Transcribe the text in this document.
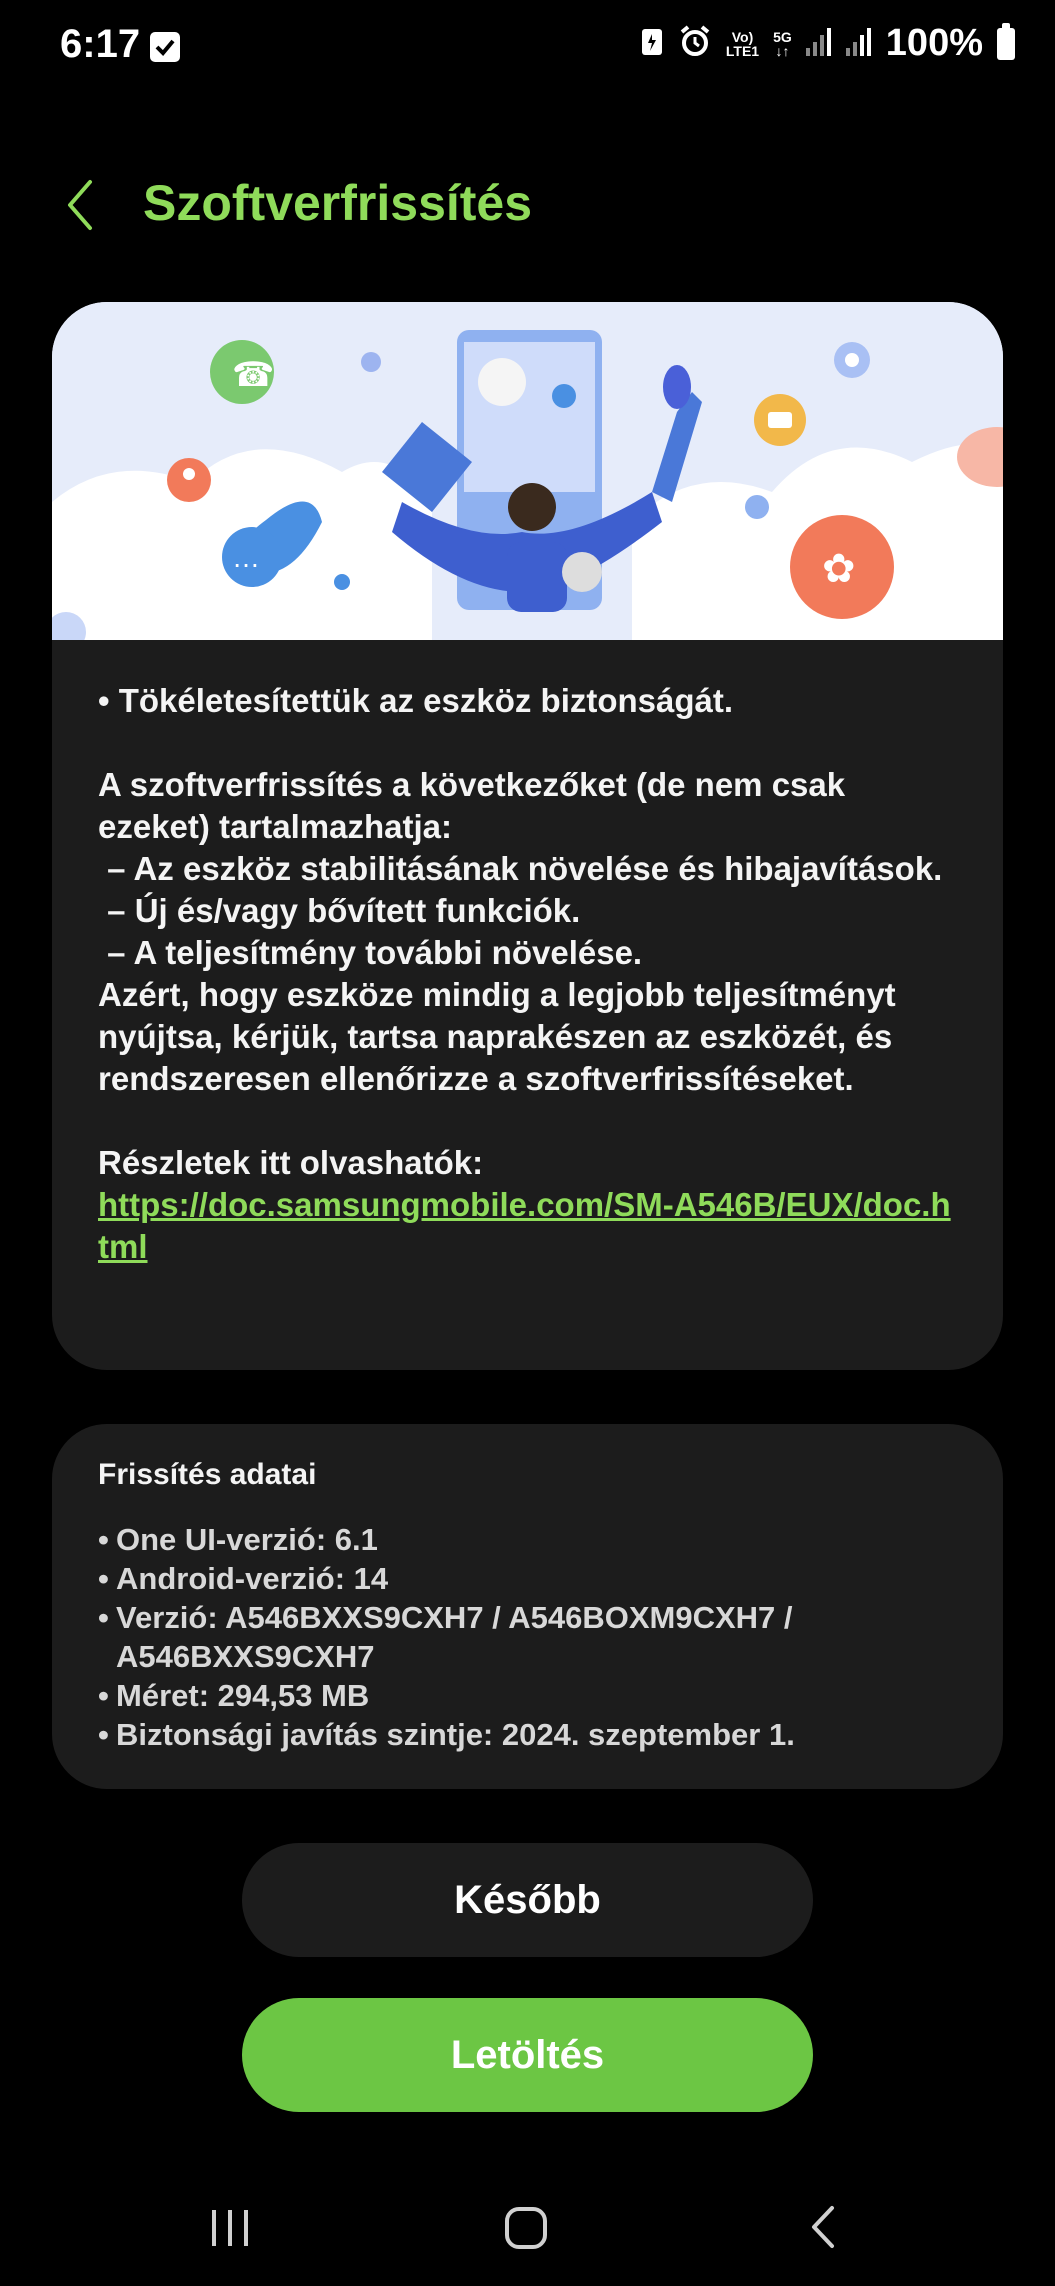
6:17	Vo)
LTE1
5G
↓↑	100%
Szoftverfrissítés
☎
…	✿

• Tökéletesítettük az eszköz biztonságát.

A szoftverfrissítés a következőket (de nem csak ezeket) tartalmazhatja:

– Az eszköz stabilitásának növelése és hibajavítások.

– Új és/vagy bővített funkciók.

– A teljesítmény további növelése.

Azért, hogy eszköze mindig a legjobb teljesítményt nyújtsa, kérjük, tartsa naprakészen az eszközét, és rendszeresen ellenőrizze a szoftverfrissítéseket.

Részletek itt olvashatók:

https://doc.samsungmobile.com/SM-A546B/EUX/doc.html

Frissítés adatai
• One UI-verzió: 6.1
• Android-verzió: 14
• Verzió: A546BXXS9CXH7 / A546BOXM9CXH7 / A546BXXS9CXH7
• Méret: 294,53 MB
• Biztonsági javítás szintje: 2024. szeptember 1.
Később
Letöltés
